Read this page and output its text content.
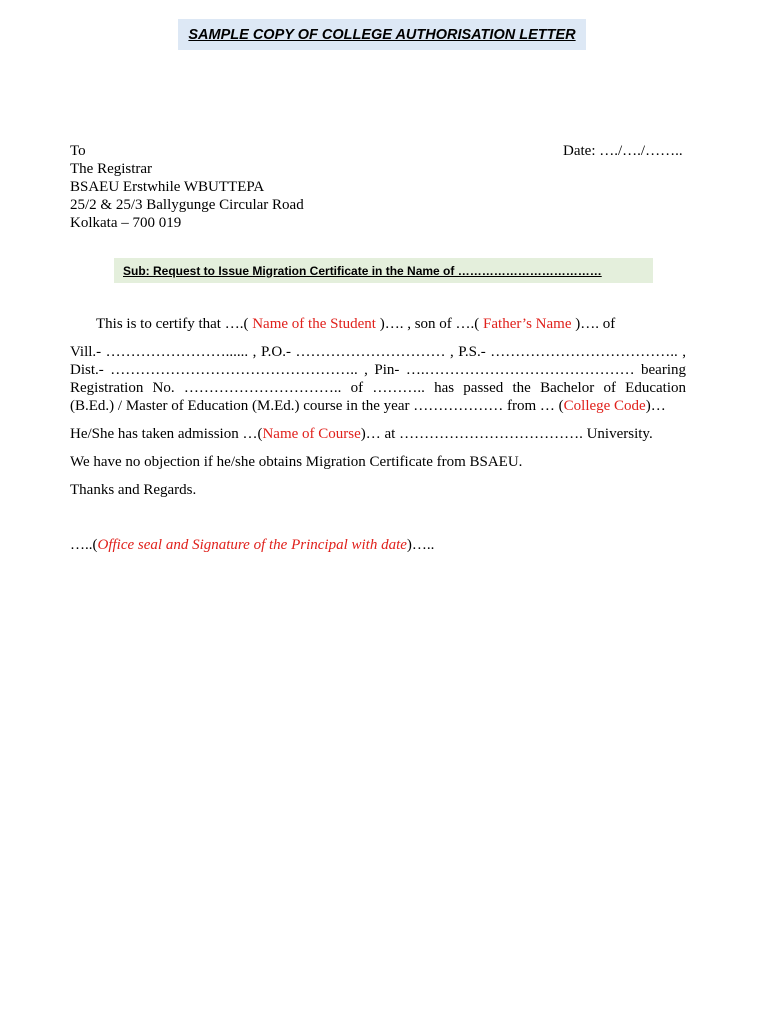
SAMPLE COPY OF COLLEGE AUTHORISATION LETTER
To
The Registrar
BSAEU Erstwhile WBUTTEPA
25/2 & 25/3 Ballygunge Circular Road
Kolkata – 700 019
Date: …./…./……..
Sub: Request to Issue Migration Certificate in the Name of ………………………………
This is to certify that ….( Name of the Student )…. , son of ….( Father’s Name )…. of
Vill.- ……………………...... , P.O.- ………………………… , P.S.- ……………………………….. ,
Dist.- ………………………………………….. , Pin- ….…………………………………… bearing
Registration No. ………………………….. of ……….. has passed the Bachelor of Education
(B.Ed.) / Master of Education (M.Ed.) course in the year ……………… from … (College Code)…
He/She has taken admission …(Name of Course)… at ………………………………. University.
We have no objection if he/she obtains Migration Certificate from BSAEU.
Thanks and Regards.
…..(Office seal and Signature of the Principal with date)…..
